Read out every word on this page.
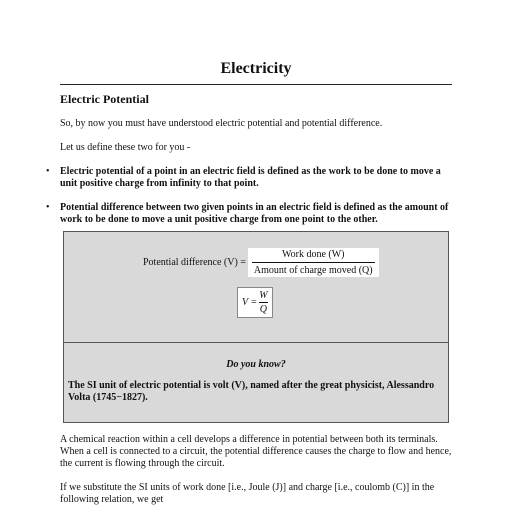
Electricity
Electric Potential
So, by now you must have understood electric potential and potential difference.
Let us define these two for you -
• Electric potential of a point in an electric field is defined as the work to be done to move a unit positive charge from infinity to that point.
• Potential difference between two given points in an electric field is defined as the amount of work to be done to move a unit positive charge from one point to the other.
Potential difference $(V) = \frac{\text{Work done (W)}}{\text{Amount of charge moved (Q)}}$
$V = \frac{W}{Q}$
Do you know?
The SI unit of electric potential is volt (V), named after the great physicist, Alessandro Volta (1745−1827).
A chemical reaction within a cell develops a difference in potential between both its terminals. When a cell is connected to a circuit, the potential difference causes the charge to flow and hence, the current is flowing through the circuit.
If we substitute the SI units of work done [i.e., Joule (J)] and charge [i.e., coulomb (C)] in the following relation, we get
